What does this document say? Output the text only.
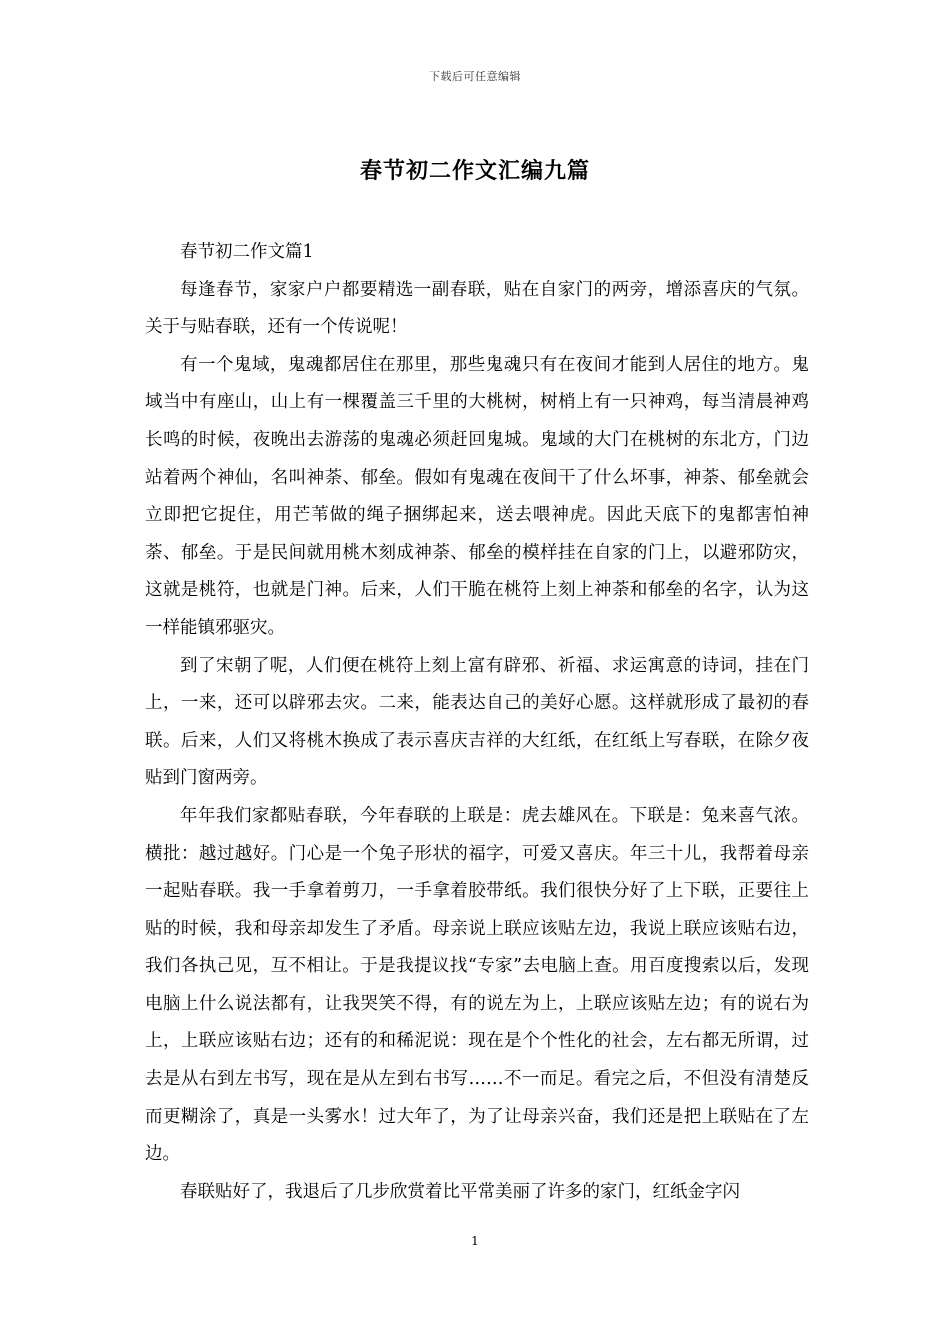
下载后可任意编辑
春节初二作文汇编九篇

春节初二作文篇1

每逢春节，家家户户都要精选一副春联，贴在自家门的两旁，增添喜庆的气氛。关于与贴春联，还有一个传说呢！

有一个鬼域，鬼魂都居住在那里，那些鬼魂只有在夜间才能到人居住的地方。鬼域当中有座山，山上有一棵覆盖三千里的大桃树，树梢上有一只神鸡，每当清晨神鸡长鸣的时候，夜晚出去游荡的鬼魂必须赶回鬼城。鬼域的大门在桃树的东北方，门边站着两个神仙，名叫神荼、郁垒。假如有鬼魂在夜间干了什么坏事，神荼、郁垒就会立即把它捉住，用芒苇做的绳子捆绑起来，送去喂神虎。因此天底下的鬼都害怕神荼、郁垒。于是民间就用桃木刻成神荼、郁垒的模样挂在自家的门上，以避邪防灾，这就是桃符，也就是门神。后来，人们干脆在桃符上刻上神荼和郁垒的名字，认为这一样能镇邪驱灾。

到了宋朝了呢，人们便在桃符上刻上富有辟邪、祈福、求运寓意的诗词，挂在门上，一来，还可以辟邪去灾。二来，能表达自己的美好心愿。这样就形成了最初的春联。后来，人们又将桃木换成了表示喜庆吉祥的大红纸，在红纸上写春联，在除夕夜贴到门窗两旁。

年年我们家都贴春联，今年春联的上联是：虎去雄风在。下联是：兔来喜气浓。横批：越过越好。门心是一个兔子形状的福字，可爱又喜庆。年三十儿，我帮着母亲一起贴春联。我一手拿着剪刀，一手拿着胶带纸。我们很快分好了上下联，正要往上贴的时候，我和母亲却发生了矛盾。母亲说上联应该贴左边，我说上联应该贴右边，我们各执己见，互不相让。于是我提议找“专家”去电脑上查。用百度搜索以后，发现电脑上什么说法都有，让我哭笑不得，有的说左为上，上联应该贴左边；有的说右为上，上联应该贴右边；还有的和稀泥说：现在是个个性化的社会，左右都无所谓，过去是从右到左书写，现在是从左到右书写……不一而足。看完之后，不但没有清楚反而更糊涂了，真是一头雾水！过大年了，为了让母亲兴奋，我们还是把上联贴在了左边。

春联贴好了，我退后了几步欣赏着比平常美丽了许多的家门，红纸金字闪

1
